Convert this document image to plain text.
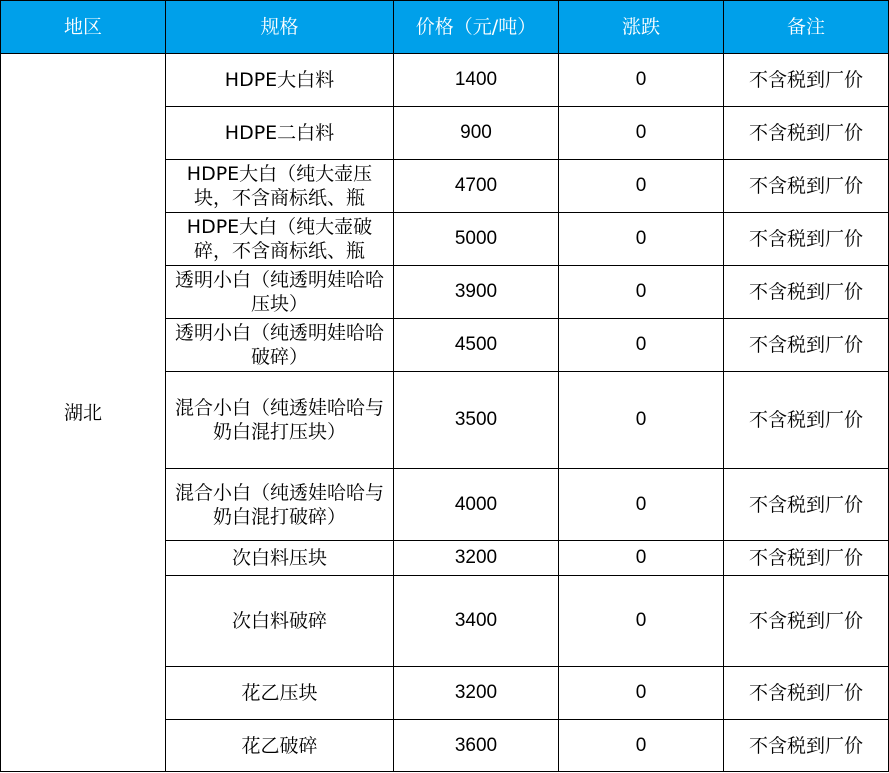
地区	规格	价格（元/吨）	涨跌	备注
湖北	HDPE大白料	1400	0	不含税到厂价

	HDPE二白料	900	0	不含税到厂价

	HDPE大白（纯大壶压块，不含商标纸、瓶	4700	0	不含税到厂价

	HDPE大白（纯大壶破碎，不含商标纸、瓶	5000	0	不含税到厂价

	透明小白（纯透明娃哈哈压块）	3900	0	不含税到厂价

	透明小白（纯透明娃哈哈破碎）	4500	0	不含税到厂价

	混合小白（纯透娃哈哈与奶白混打压块）	3500	0	不含税到厂价

	混合小白（纯透娃哈哈与奶白混打破碎）	4000	0	不含税到厂价

	次白料压块	3200	0	不含税到厂价

	次白料破碎	3400	0	不含税到厂价

	花乙压块	3200	0	不含税到厂价

	花乙破碎	3600	0	不含税到厂价
